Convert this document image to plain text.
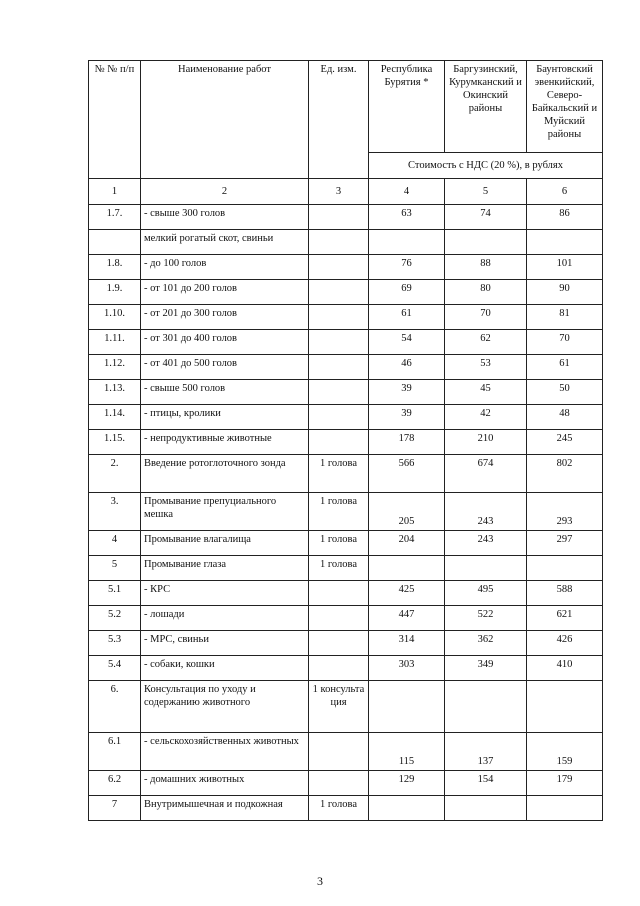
№ № п/п	Наименование работ	Ед. изм.	Республика Бурятия *	Баргузинский, Курумканский и Окинский районы	Баунтовский эвенкийский, Северо-Байкальский и Муйский районы
			Стоимость с НДС (20 %), в рублях		
1	2	3	4	5	6
1.7.	- свыше 300 голов		63	74	86
	мелкий рогатый скот, свиньи				
1.8.	- до 100 голов		76	88	101
1.9.	- от 101 до 200 голов		69	80	90
1.10.	- от 201 до 300 голов		61	70	81
1.11.	- от 301 до 400 голов		54	62	70
1.12.	- от 401 до 500 голов		46	53	61
1.13.	- свыше 500 голов		39	45	50
1.14.	- птицы, кролики		39	42	48
1.15.	- непродуктивные животные		178	210	245
2.	Введение ротоглоточного зонда	1 голова	566	674	802
3.	Промывание препуциального мешка	1 голова	205	243	293
4	Промывание влагалища	1 голова	204	243	297
5	Промывание глаза	1 голова			
5.1	- КРС		425	495	588
5.2	- лошади		447	522	621
5.3	- МРС, свиньи		314	362	426
5.4	- собаки, кошки		303	349	410
6.	Консультация по уходу и содержанию животного	1 консульта ция			
6.1	- сельскохозяйственных животных		115	137	159
6.2	- домашних животных		129	154	179
7	Внутримышечная и подкожная	1 голова			
3
